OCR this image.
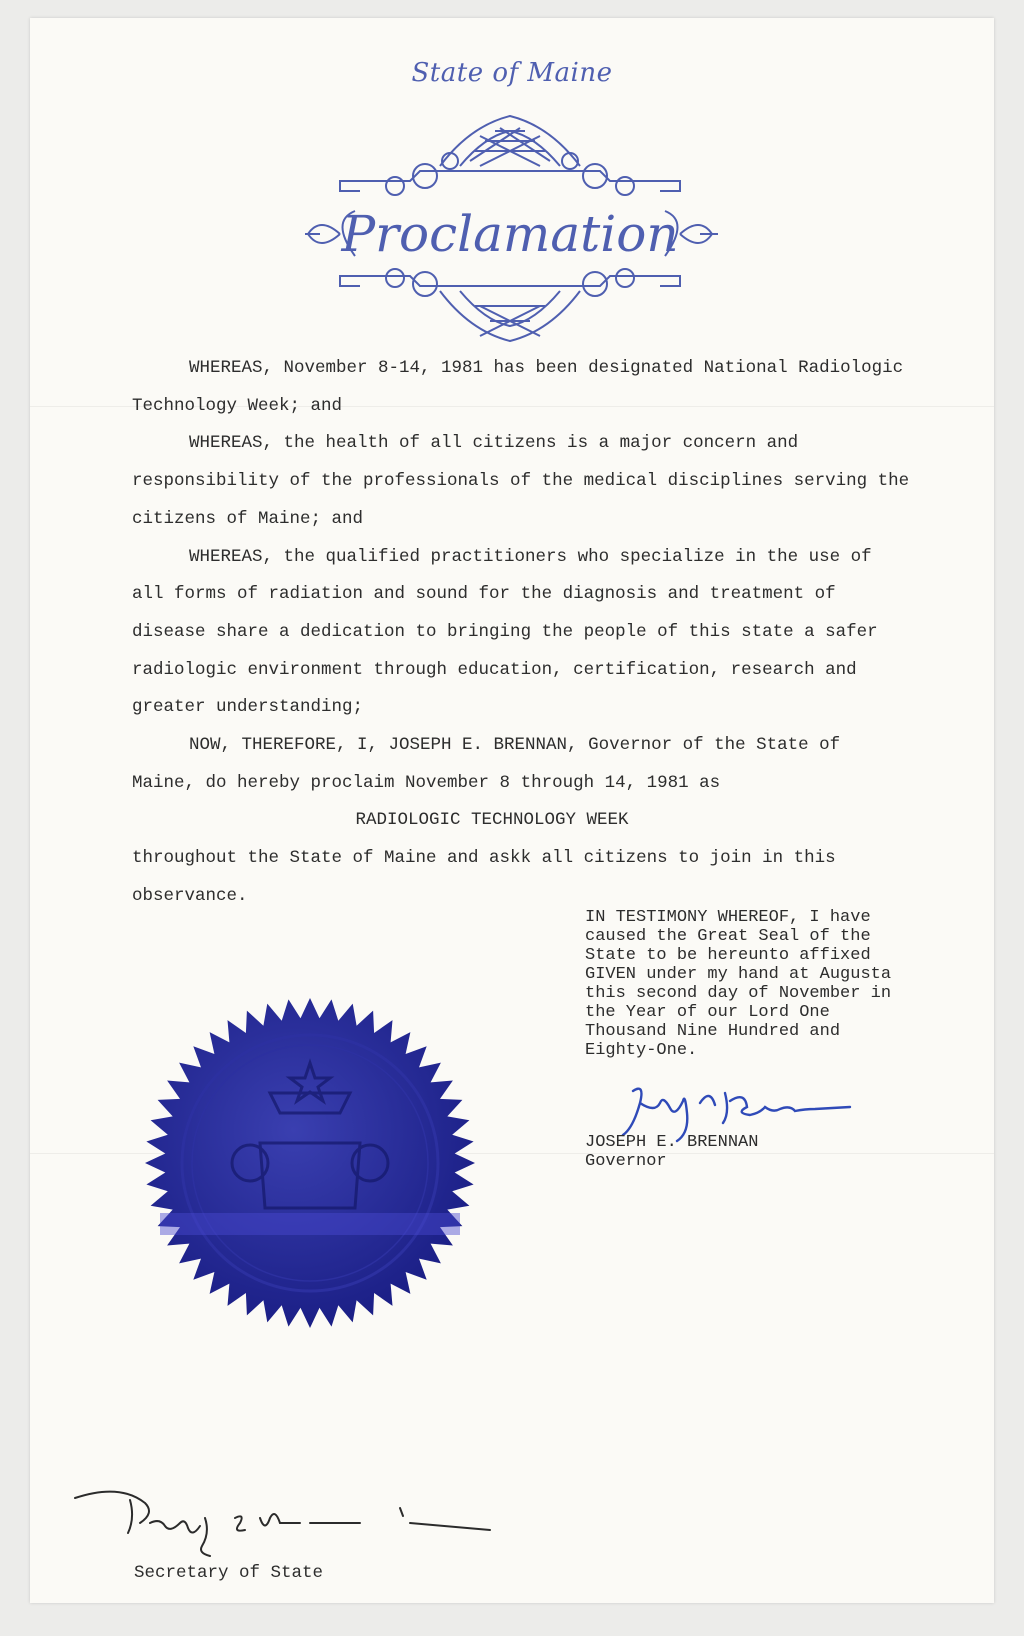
State of Maine
Proclamation

WHEREAS, November 8-14, 1981 has been designated National Radiologic Technology Week; and

WHEREAS, the health of all citizens is a major concern and responsibility of the professionals of the medical disciplines serving the citizens of Maine; and

WHEREAS, the qualified practitioners who specialize in the use of all forms of radiation and sound for the diagnosis and treatment of disease share a dedication to bringing the people of this state a safer radiologic environment through education, certification, research and greater understanding;

NOW, THEREFORE, I, JOSEPH E. BRENNAN, Governor of the State of Maine, do hereby proclaim November 8 through 14, 1981 as

RADIOLOGIC TECHNOLOGY WEEK

throughout the State of Maine and askk all citizens to join in this observance.

IN TESTIMONY WHEREOF, I have
caused the Great Seal of the
State to be hereunto affixed
GIVEN under my hand at Augusta
this second day of November in
the Year of our Lord One
Thousand Nine Hundred and
Eighty-One.
JOSEPH E. BRENNAN
Governor
Secretary of State
